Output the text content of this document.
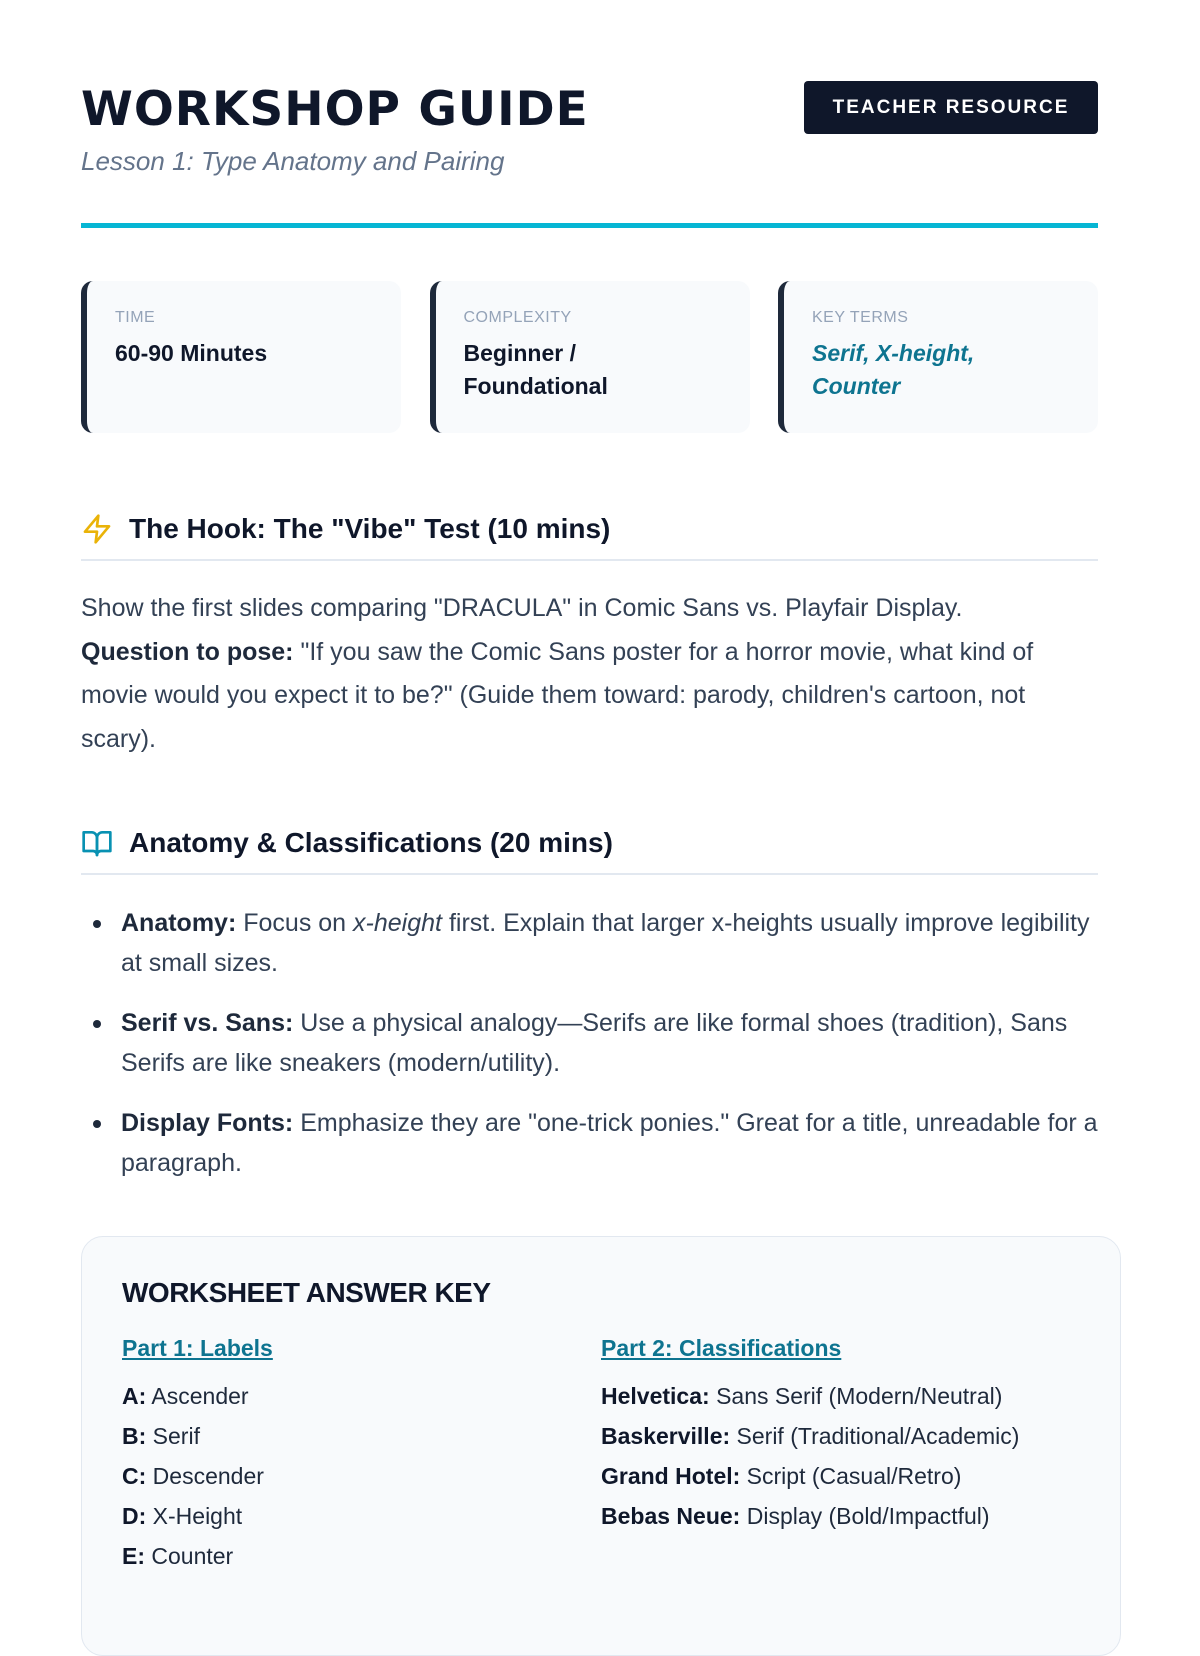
WORKSHOP GUIDE
Lesson 1: Type Anatomy and Pairing
TEACHER RESOURCE
TIME
60-90 Minutes
COMPLEXITY
Beginner / Foundational
KEY TERMS
Serif, X-height, Counter
The Hook: The "Vibe" Test (10 mins)

Show the first slides comparing "DRACULA" in Comic Sans vs. Playfair Display.
Question to pose: "If you saw the Comic Sans poster for a horror movie, what kind of movie would you expect it to be?" (Guide them toward: parody, children's cartoon, not scary).

Anatomy & Classifications (20 mins)
Anatomy: Focus on x-height first. Explain that larger x-heights usually improve legibility at small sizes.
Serif vs. Sans: Use a physical analogy—Serifs are like formal shoes (tradition), Sans Serifs are like sneakers (modern/utility).
Display Fonts: Emphasize they are "one-trick ponies." Great for a title, unreadable for a paragraph.
WORKSHEET ANSWER KEY
Part 1: Labels
A: Ascender
B: Serif
C: Descender
D: X-Height
E: Counter
Part 2: Classifications
Helvetica: Sans Serif (Modern/Neutral)
Baskerville: Serif (Traditional/Academic)
Grand Hotel: Script (Casual/Retro)
Bebas Neue: Display (Bold/Impactful)
